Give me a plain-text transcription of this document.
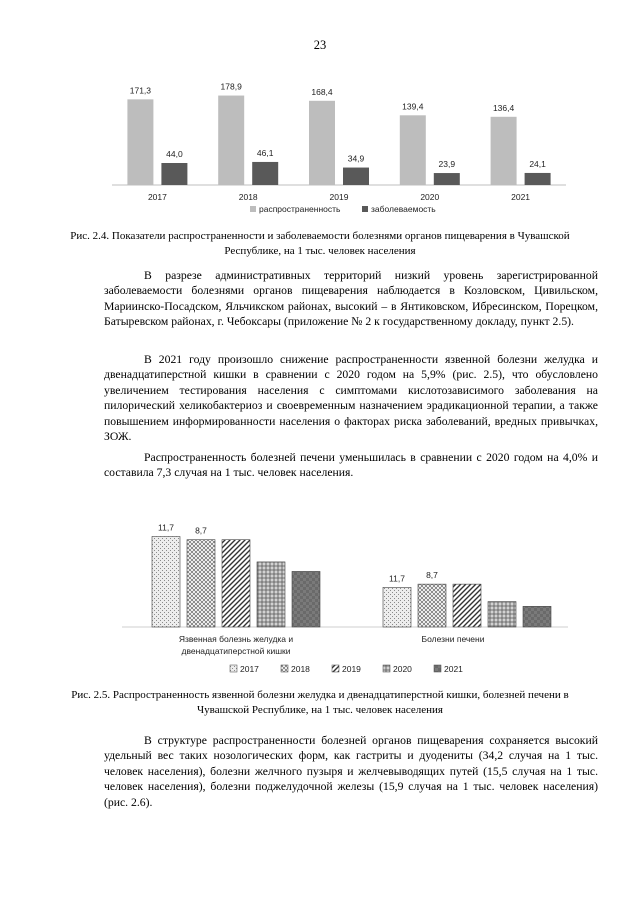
23
171,3
44,0
2017
178,9
46,1
2018
168,4
34,9
2019
139,4
23,9
2020
136,4
24,1
2021
распространенность	заболеваемость
Рис. 2.4. Показатели распространенности и заболеваемости болезнями органов пищеварения в Чувашской Республике, на 1 тыс. человек населения

В разрезе административных территорий низкий уровень зарегистрированной заболеваемости болезнями органов пищеварения наблюдается в Козловском, Цивильском, Мариинско-Посадском, Яльчикском районах, высокий – в Янтиковском, Ибресинском, Порецком, Батыревском районах, г. Чебоксары (приложение № 2 к государственному докладу, пункт 2.5).

В 2021 году произошло снижение распространенности язвенной болезни желудка и двенадцатиперстной кишки в сравнении с 2020 годом на 5,9% (рис. 2.5), что обусловлено увеличением тестирования населения с симптомами кислотозависимого заболевания на пилорический хеликобактериоз и своевременным назначением эрадикационной терапии, а также повышением информированности населения о факторах риска заболеваний, вредных привычках, ЗОЖ.

Распространенность болезней печени уменьшилась в сравнении с 2020 годом на 4,0% и составила 7,3 случая на 1 тыс. человек населения.

11,7 8,7
11,7 8,7
Язвенная болезнь желудка и двенадцатиперстной кишки
Болезни печени
2017	2018	2019	2020	2021
Рис. 2.5. Распространенность язвенной болезни желудка и двенадцатиперстной кишки, болезней печени в Чувашской Республике, на 1 тыс. человек населения

В структуре распространенности болезней органов пищеварения сохраняется высокий удельный вес таких нозологических форм, как гастриты и дуодениты (34,2 случая на 1 тыс. человек населения), болезни желчного пузыря и желчевыводящих путей (15,5 случая на 1 тыс. человек населения), болезни поджелудочной железы (15,9 случая на 1 тыс. человек населения) (рис. 2.6).
